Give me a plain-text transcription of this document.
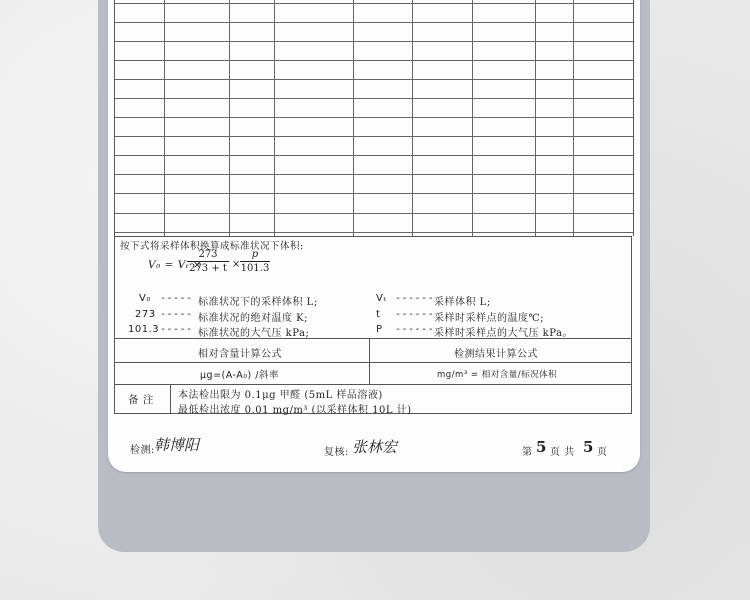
按下式将采样体积换算成标准状况下体积:
V₀ = Vₜ ×
273
273 + t ×
p
101.3
V₀ ----- 标准状况下的采样体积 L;
273 ----- 标准状况的绝对温度 K;
101.3 ----- 标准状况的大气压 kPa;
Vₜ ------ 采样体积 L;
t ------ 采样时采样点的温度℃;
P ------ 采样时采样点的大气压 kPa。
相对含量计算公式	检测结果计算公式
μg=(A-A₀) /斜率	mg/m³ = 相对含量/标况体积
备 注 本法检出限为 0.1μg 甲醛 (5mL 样品溶液)
最低检出浓度 0.01 mg/m³ (以采样体积 10L 计)
检测: 韩博阳	复核: 张林宏	第 5 页 共 5 页
